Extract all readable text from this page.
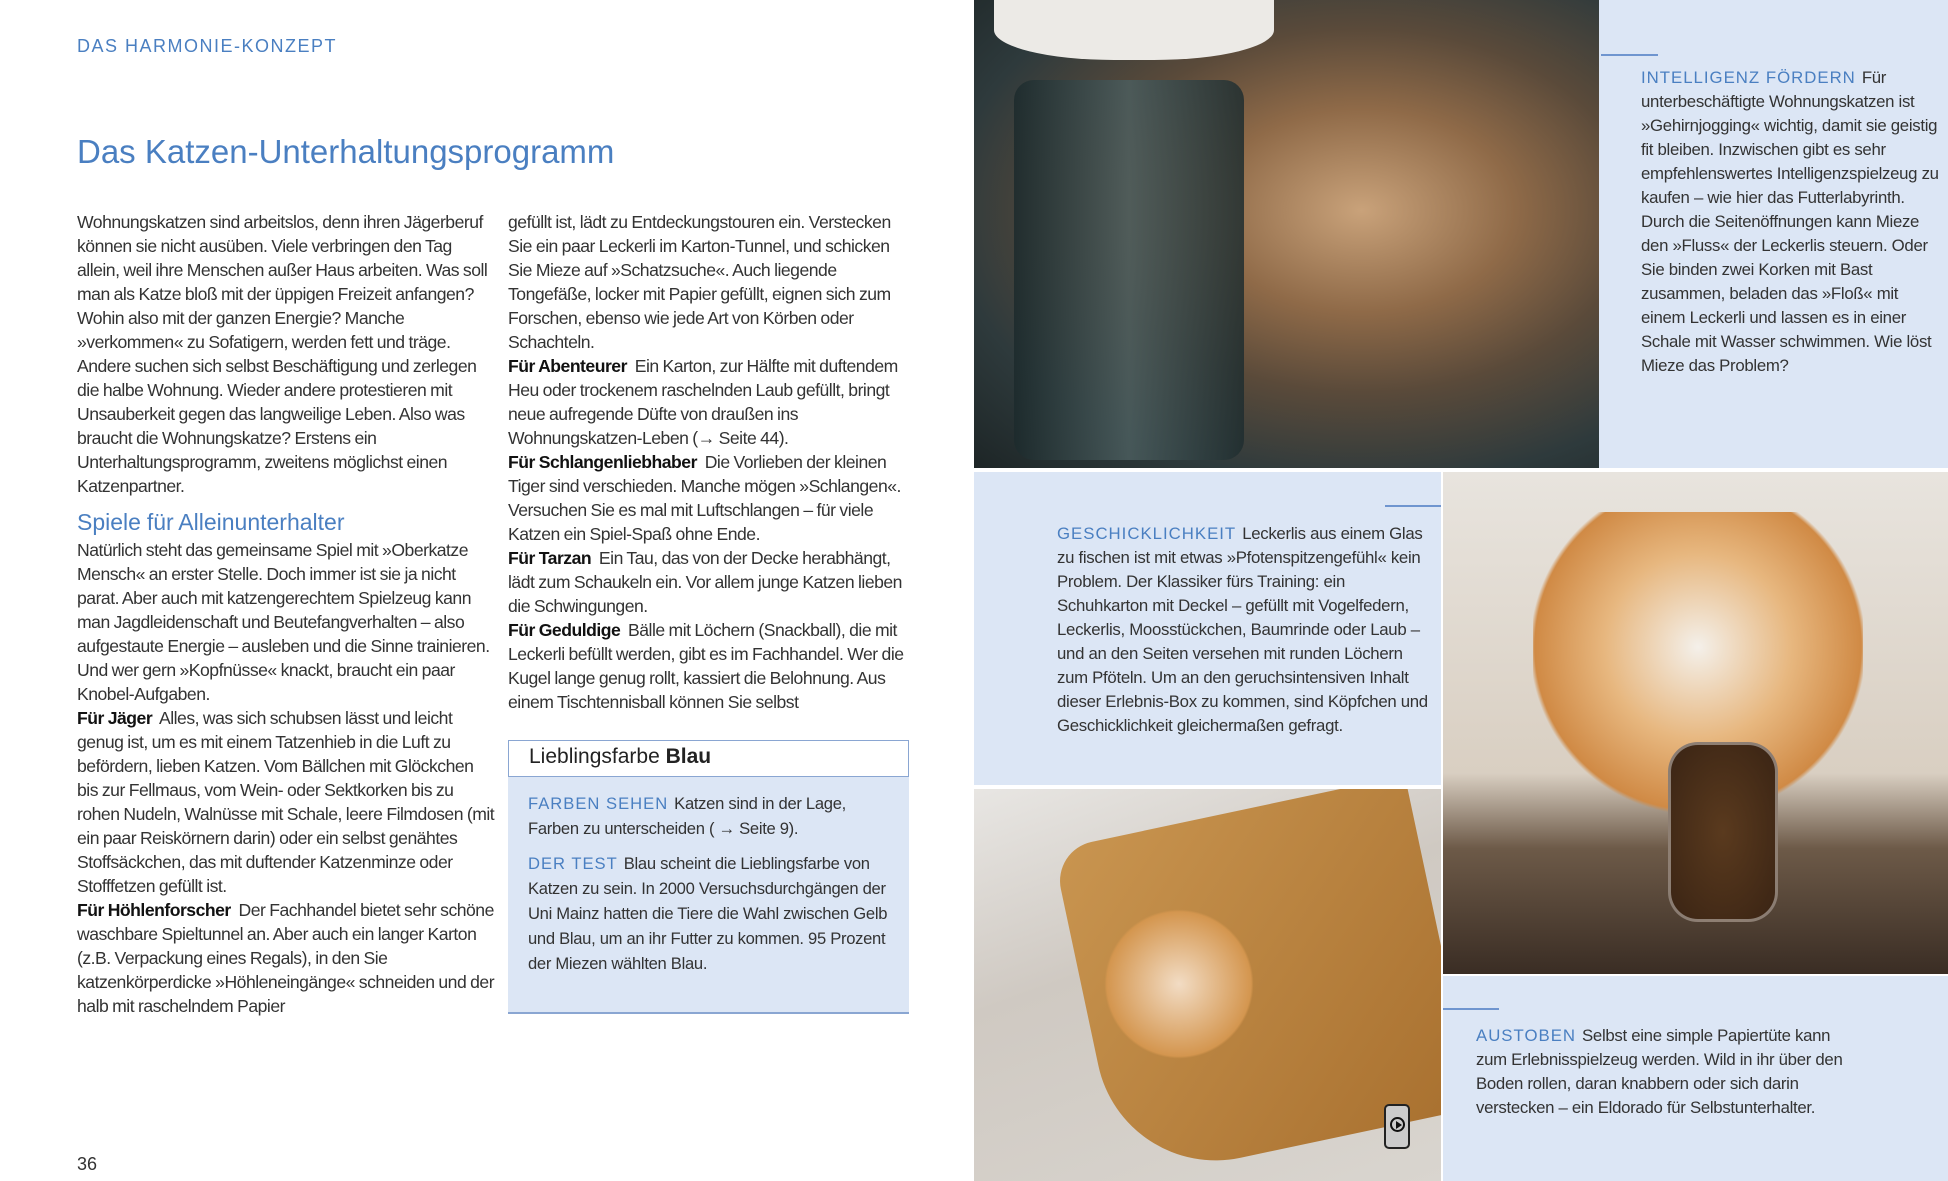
DAS HARMONIE-KONZEPT
Das Katzen-Unterhaltungsprogramm

Wohnungskatzen sind arbeitslos, denn ihren Jägerberuf können sie nicht ausüben. Viele verbringen den Tag allein, weil ihre Menschen außer Haus arbeiten. Was soll man als Katze bloß mit der üppigen Freizeit anfangen? Wohin also mit der ganzen Energie? Manche »verkommen« zu Sofatigern, werden fett und träge. Andere suchen sich selbst Beschäftigung und zerlegen die halbe Wohnung. Wieder andere protestieren mit Unsauberkeit gegen das langweilige Leben. Also was braucht die Wohnungskatze? Erstens ein Unterhaltungsprogramm, zweitens möglichst einen Katzenpartner.

Spiele für Alleinunterhalter

Natürlich steht das gemeinsame Spiel mit »Oberkatze Mensch« an erster Stelle. Doch immer ist sie ja nicht parat. Aber auch mit katzengerechtem Spielzeug kann man Jagdleidenschaft und Beutefangverhalten – also aufgestaute Energie – ausleben und die Sinne trainieren. Und wer gern »Kopfnüsse« knackt, braucht ein paar Knobel-Aufgaben.

Für Jäger Alles, was sich schubsen lässt und leicht genug ist, um es mit einem Tatzenhieb in die Luft zu befördern, lieben Katzen. Vom Bällchen mit Glöckchen bis zur Fellmaus, vom Wein- oder Sektkorken bis zu rohen Nudeln, Walnüsse mit Schale, leere Filmdosen (mit ein paar Reiskörnern darin) oder ein selbst genähtes Stoffsäckchen, das mit duftender Katzenminze oder Stofffetzen gefüllt ist.

Für Höhlenforscher Der Fachhandel bietet sehr schöne waschbare Spieltunnel an. Aber auch ein langer Karton (z.B. Verpackung eines Regals), in den Sie katzenkörperdicke »Höhleneingänge« schneiden und der halb mit raschelndem Papier

36

gefüllt ist, lädt zu Entdeckungstouren ein. Verstecken Sie ein paar Leckerli im Karton-Tunnel, und schicken Sie Mieze auf »Schatzsuche«. Auch liegende Tongefäße, locker mit Papier gefüllt, eignen sich zum Forschen, ebenso wie jede Art von Körben oder Schachteln.

Für Abenteurer Ein Karton, zur Hälfte mit duftendem Heu oder trockenem raschelnden Laub gefüllt, bringt neue aufregende Düfte von draußen ins Wohnungskatzen-Leben (→ Seite 44).

Für Schlangenliebhaber Die Vorlieben der kleinen Tiger sind verschieden. Manche mögen »Schlangen«. Versuchen Sie es mal mit Luftschlangen – für viele Katzen ein Spiel-Spaß ohne Ende.

Für Tarzan Ein Tau, das von der Decke herabhängt, lädt zum Schaukeln ein. Vor allem junge Katzen lieben die Schwingungen.

Für Geduldige Bälle mit Löchern (Snackball), die mit Leckerli befüllt werden, gibt es im Fachhandel. Wer die Kugel lange genug rollt, kassiert die Belohnung. Aus einem Tischtennisball können Sie selbst

Lieblingsfarbe Blau

FARBEN SEHEN Katzen sind in der Lage, Farben zu unterscheiden ( → Seite 9).

DER TEST Blau scheint die Lieblingsfarbe von Katzen zu sein. In 2000 Versuchsdurchgängen der Uni Mainz hatten die Tiere die Wahl zwischen Gelb und Blau, um an ihr Futter zu kommen. 95 Prozent der Miezen wählten Blau.

INTELLIGENZ FÖRDERN Für unterbeschäftigte Wohnungskatzen ist »Gehirnjogging« wichtig, damit sie geistig fit bleiben. Inzwischen gibt es sehr empfehlenswertes Intelligenzspielzeug zu kaufen – wie hier das Futterlabyrinth. Durch die Seitenöffnungen kann Mieze den »Fluss« der Leckerlis steuern. Oder Sie binden zwei Korken mit Bast zusammen, beladen das »Floß« mit einem Leckerli und lassen es in einer Schale mit Wasser schwimmen. Wie löst Mieze das Problem?
GESCHICKLICHKEIT Leckerlis aus einem Glas zu fischen ist mit etwas »Pfotenspitzengefühl« kein Problem. Der Klassiker fürs Training: ein Schuhkarton mit Deckel – gefüllt mit Vogelfedern, Leckerlis, Moosstückchen, Baumrinde oder Laub – und an den Seiten versehen mit runden Löchern zum Pföteln. Um an den geruchsintensiven Inhalt dieser Erlebnis-Box zu kommen, sind Köpfchen und Geschicklichkeit gleichermaßen gefragt.
AUSTOBEN Selbst eine simple Papiertüte kann zum Erlebnisspielzeug werden. Wild in ihr über den Boden rollen, daran knabbern oder sich darin verstecken – ein Eldorado für Selbstunterhalter.
